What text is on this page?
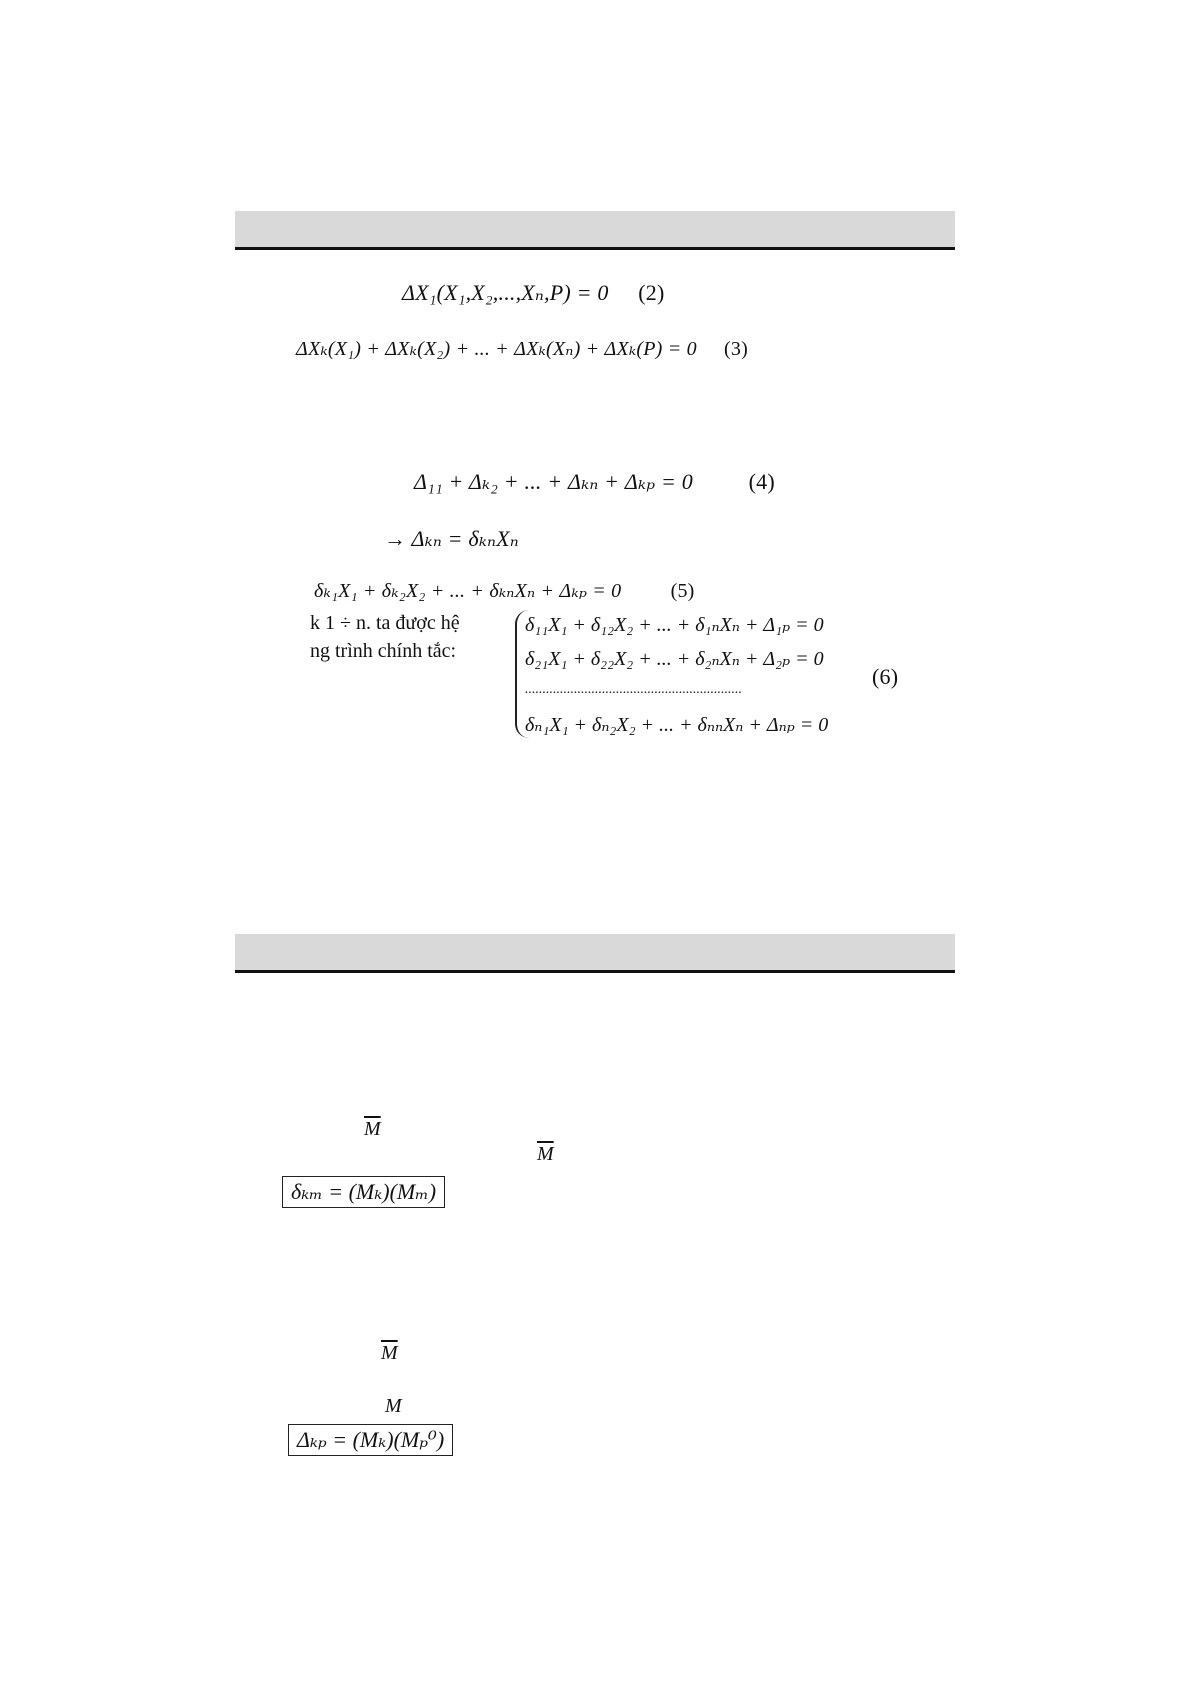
ΔX₁(X₁,X₂,...,Xₙ,P) = 0 (2)
ΔXₖ(X₁) + ΔXₖ(X₂) + ... + ΔXₖ(Xₙ) + ΔXₖ(P) = 0 (3)
Δ₁₁ + Δₖ₂ + ... + Δₖₙ + Δₖₚ = 0	(4)
→ Δₖₙ = δₖₙXₙ
δₖ₁X₁ + δₖ₂X₂ + ... + δₖₙXₙ + Δₖₚ = 0 (5)
k 1 ÷ n. ta được hệ
ng trình chính tắc:
δ₁₁X₁ + δ₁₂X₂ + ... + δ₁ₙXₙ + Δ₁ₚ = 0
δ₂₁X₁ + δ₂₂X₂ + ... + δ₂ₙXₙ + Δ₂ₚ = 0
..............................................................
δₙ₁X₁ + δₙ₂X₂ + ... + δₙₙXₙ + Δₙₚ = 0
(6)
$\overline{M}$
$\overline{M}$
δₖₘ = (Mₖ)(Mₘ)
$\overline{M}$
M
Δₖₚ = (Mₖ)(Mₚ⁰)
